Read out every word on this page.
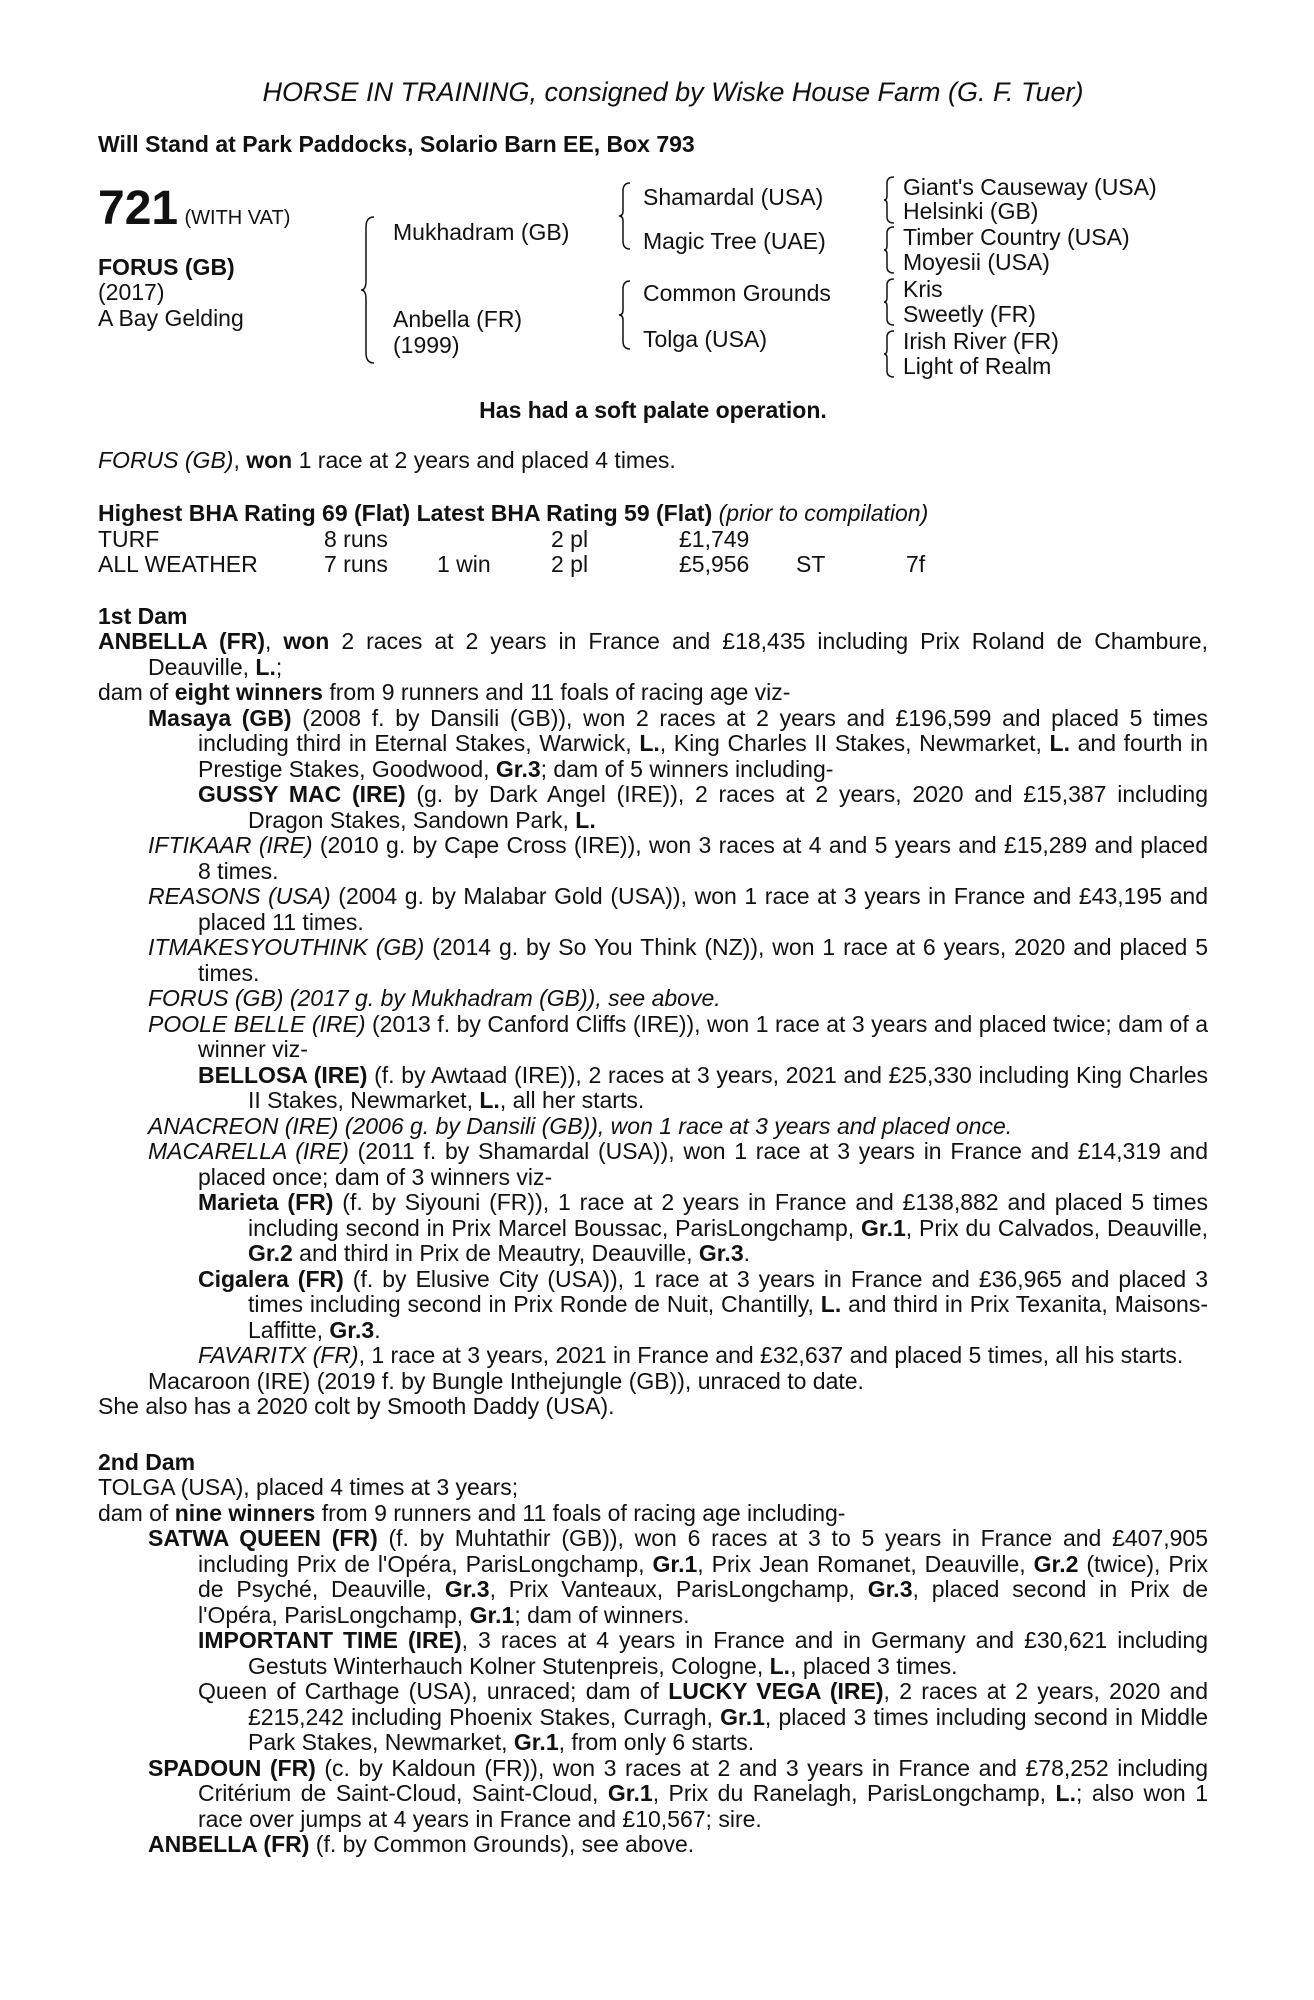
HORSE IN TRAINING, consigned by Wiske House Farm (G. F. Tuer)
Will Stand at Park Paddocks, Solario Barn EE, Box 793
721 (WITH VAT)
FORUS (GB)
(2017)
A Bay Gelding
Mukhadram (GB)
Anbella (FR)
(1999)
Shamardal (USA)
Magic Tree (UAE)
Common Grounds
Tolga (USA)
Giant's Causeway (USA)
Helsinki (GB)
Timber Country (USA)
Moyesii (USA)
Kris
Sweetly (FR)
Irish River (FR)
Light of Realm
Has had a soft palate operation.
FORUS (GB), won 1 race at 2 years and placed 4 times.
Highest BHA Rating 69 (Flat) Latest BHA Rating 59 (Flat) (prior to compilation)
TURF	8 runs		2 pl	£1,749		
ALL WEATHER	7 runs	1 win	2 pl	£5,956	ST	7f
1st Dam

ANBELLA (FR), won 2 races at 2 years in France and £18,435 including Prix Roland de Chambure, Deauville, L.;

dam of eight winners from 9 runners and 11 foals of racing age viz-

Masaya (GB) (2008 f. by Dansili (GB)), won 2 races at 2 years and £196,599 and placed 5 times including third in Eternal Stakes, Warwick, L., King Charles II Stakes, Newmarket, L. and fourth in Prestige Stakes, Goodwood, Gr.3; dam of 5 winners including-

GUSSY MAC (IRE) (g. by Dark Angel (IRE)), 2 races at 2 years, 2020 and £15,387 including Dragon Stakes, Sandown Park, L.

IFTIKAAR (IRE) (2010 g. by Cape Cross (IRE)), won 3 races at 4 and 5 years and £15,289 and placed 8 times.

REASONS (USA) (2004 g. by Malabar Gold (USA)), won 1 race at 3 years in France and £43,195 and placed 11 times.

ITMAKESYOUTHINK (GB) (2014 g. by So You Think (NZ)), won 1 race at 6 years, 2020 and placed 5 times.

FORUS (GB) (2017 g. by Mukhadram (GB)), see above.

POOLE BELLE (IRE) (2013 f. by Canford Cliffs (IRE)), won 1 race at 3 years and placed twice; dam of a winner viz-

BELLOSA (IRE) (f. by Awtaad (IRE)), 2 races at 3 years, 2021 and £25,330 including King Charles II Stakes, Newmarket, L., all her starts.

ANACREON (IRE) (2006 g. by Dansili (GB)), won 1 race at 3 years and placed once.

MACARELLA (IRE) (2011 f. by Shamardal (USA)), won 1 race at 3 years in France and £14,319 and placed once; dam of 3 winners viz-

Marieta (FR) (f. by Siyouni (FR)), 1 race at 2 years in France and £138,882 and placed 5 times including second in Prix Marcel Boussac, ParisLongchamp, Gr.1, Prix du Calvados, Deauville, Gr.2 and third in Prix de Meautry, Deauville, Gr.3.

Cigalera (FR) (f. by Elusive City (USA)), 1 race at 3 years in France and £36,965 and placed 3 times including second in Prix Ronde de Nuit, Chantilly, L. and third in Prix Texanita, Maisons-Laffitte, Gr.3.

FAVARITX (FR), 1 race at 3 years, 2021 in France and £32,637 and placed 5 times, all his starts.

Macaroon (IRE) (2019 f. by Bungle Inthejungle (GB)), unraced to date.

She also has a 2020 colt by Smooth Daddy (USA).

2nd Dam

TOLGA (USA), placed 4 times at 3 years;

dam of nine winners from 9 runners and 11 foals of racing age including-

SATWA QUEEN (FR) (f. by Muhtathir (GB)), won 6 races at 3 to 5 years in France and £407,905 including Prix de l'Opéra, ParisLongchamp, Gr.1, Prix Jean Romanet, Deauville, Gr.2 (twice), Prix de Psyché, Deauville, Gr.3, Prix Vanteaux, ParisLongchamp, Gr.3, placed second in Prix de l'Opéra, ParisLongchamp, Gr.1; dam of winners.

IMPORTANT TIME (IRE), 3 races at 4 years in France and in Germany and £30,621 including Gestuts Winterhauch Kolner Stutenpreis, Cologne, L., placed 3 times.

Queen of Carthage (USA), unraced; dam of LUCKY VEGA (IRE), 2 races at 2 years, 2020 and £215,242 including Phoenix Stakes, Curragh, Gr.1, placed 3 times including second in Middle Park Stakes, Newmarket, Gr.1, from only 6 starts.

SPADOUN (FR) (c. by Kaldoun (FR)), won 3 races at 2 and 3 years in France and £78,252 including Critérium de Saint-Cloud, Saint-Cloud, Gr.1, Prix du Ranelagh, ParisLongchamp, L.; also won 1 race over jumps at 4 years in France and £10,567; sire.

ANBELLA (FR) (f. by Common Grounds), see above.
